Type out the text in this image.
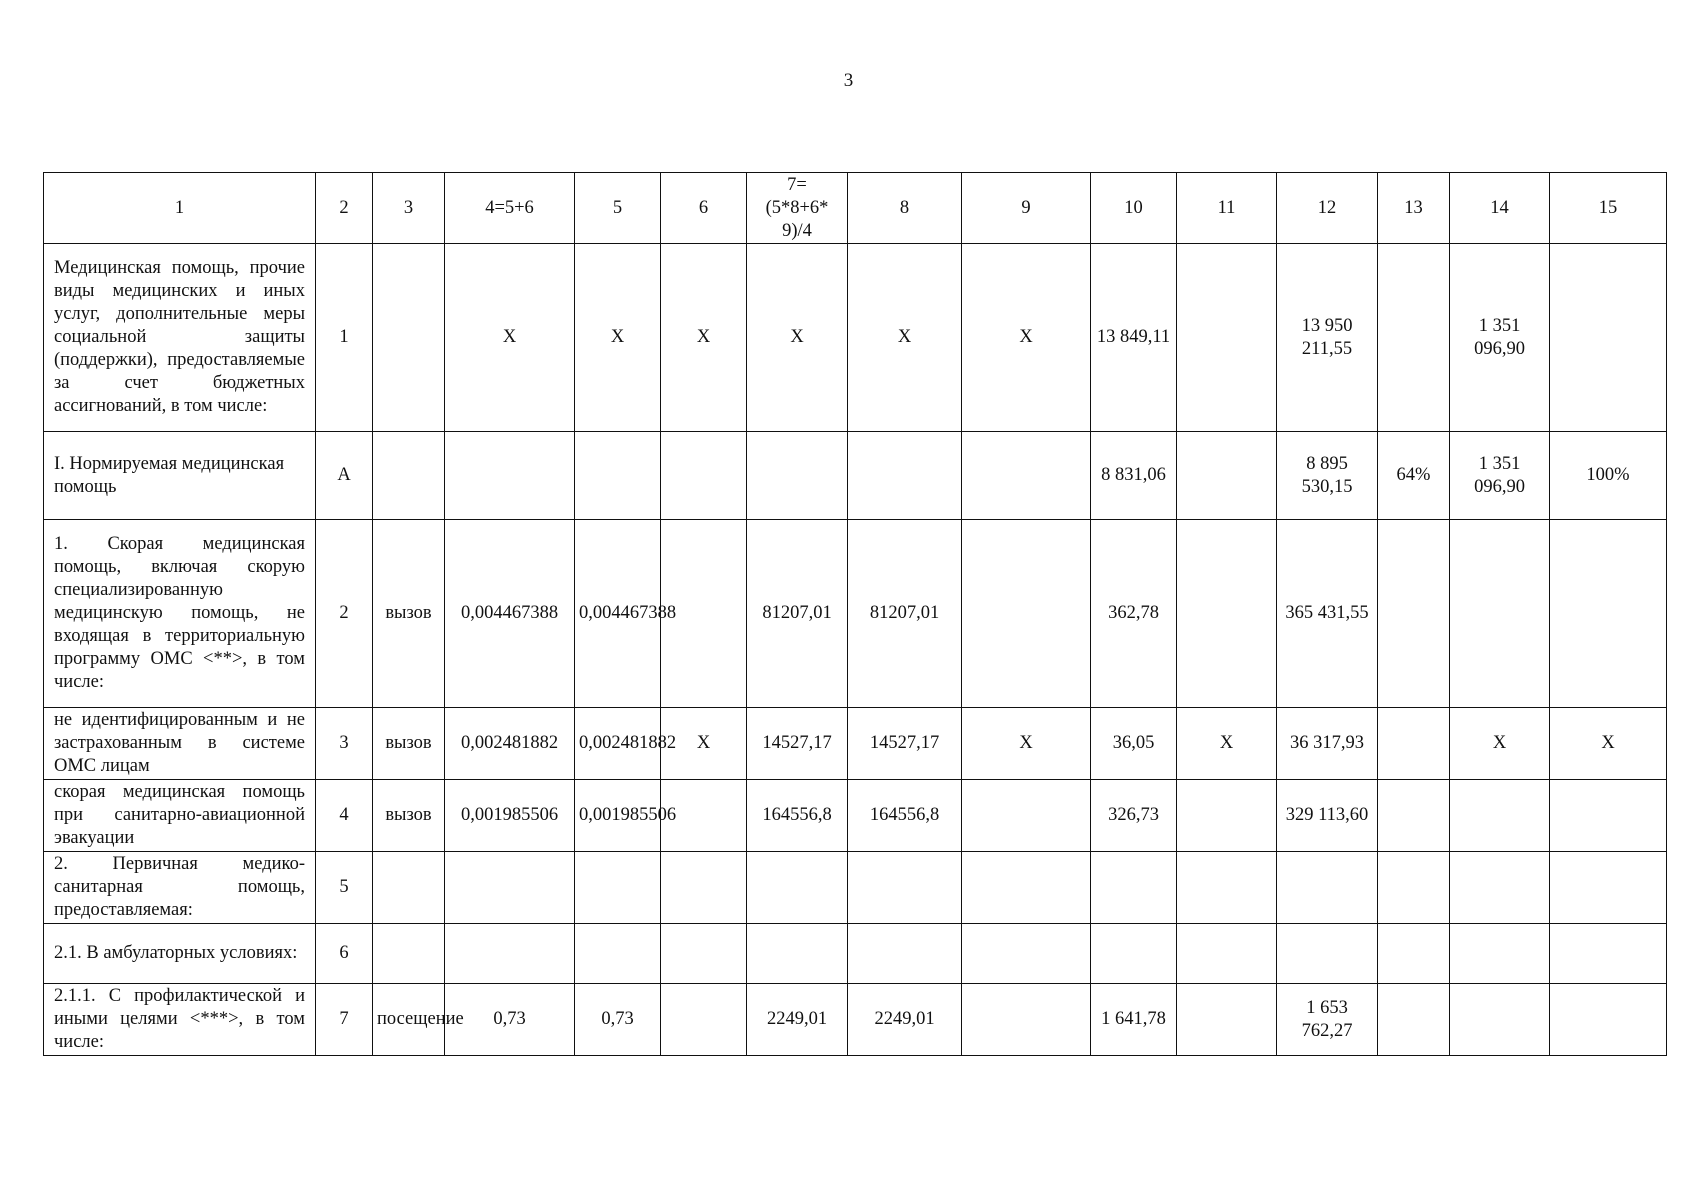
3
1	2	3	4=5+6	5	6	7=
(5*8+6*
9)/4	8	9	10	11	12	13	14	15
Медицинская помощь, прочие виды медицинских и иных услуг, дополнительные меры социальной защиты (поддержки), предоставляемые за счет бюджетных ассигнований, в том числе:	1		X	X	X	X	X	X	13 849,11		13 950 211,55		1 351 096,90	
I. Нормируемая медицинская помощь	А								8 831,06		8 895 530,15	64%	1 351 096,90	100%
1. Скорая медицинская помощь, включая скорую специализированную медицинскую помощь, не входящая в территориальную программу ОМС <**>, в том числе:	2	вызов	0,004467388	0,004467388		81207,01	81207,01		362,78		365 431,55			
не идентифицированным и не застрахованным в системе ОМС лицам	3	вызов	0,002481882	0,002481882	X	14527,17	14527,17	X	36,05	X	36 317,93		X	X
скорая медицинская помощь при санитарно-авиационной эвакуации	4	вызов	0,001985506	0,001985506		164556,8	164556,8		326,73		329 113,60			
2. Первичная медико-санитарная помощь, предоставляемая:	5													
2.1. В амбулаторных условиях:	6													
2.1.1. С профилактической и иными целями <***>, в том числе:	7	посещение	0,73	0,73		2249,01	2249,01		1 641,78		1 653 762,27			
